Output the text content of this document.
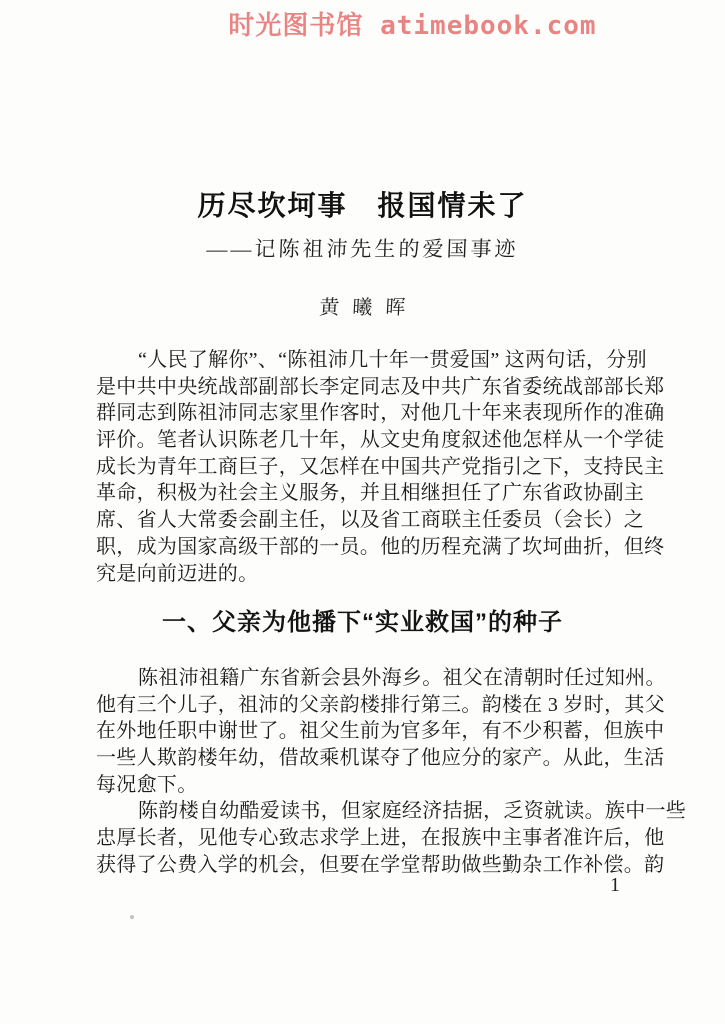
时光图书馆 atimebook.com
历尽坎坷事　报国情未了
——记陈祖沛先生的爱国事迹
黄曦晖
“人民了解你”、“陈祖沛几十年一贯爱国” 这两句话，分别
是中共中央统战部副部长李定同志及中共广东省委统战部部长郑
群同志到陈祖沛同志家里作客时，对他几十年来表现所作的准确
评价。笔者认识陈老几十年，从文史角度叙述他怎样从一个学徒
成长为青年工商巨子，又怎样在中国共产党指引之下，支持民主
革命，积极为社会主义服务，并且相继担任了广东省政协副主
席、省人大常委会副主任，以及省工商联主任委员（会长）之
职，成为国家高级干部的一员。他的历程充满了坎坷曲折，但终
究是向前迈进的。
一、父亲为他播下“实业救国”的种子
陈祖沛祖籍广东省新会县外海乡。祖父在清朝时任过知州。
他有三个儿子，祖沛的父亲韵楼排行第三。韵楼在 3 岁时，其父
在外地任职中谢世了。祖父生前为官多年，有不少积蓄，但族中
一些人欺韵楼年幼，借故乘机谋夺了他应分的家产。从此，生活
每况愈下。
陈韵楼自幼酷爱读书，但家庭经济拮据，乏资就读。族中一些
忠厚长者，见他专心致志求学上进，在报族中主事者准许后，他
获得了公费入学的机会，但要在学堂帮助做些勤杂工作补偿。韵
1
